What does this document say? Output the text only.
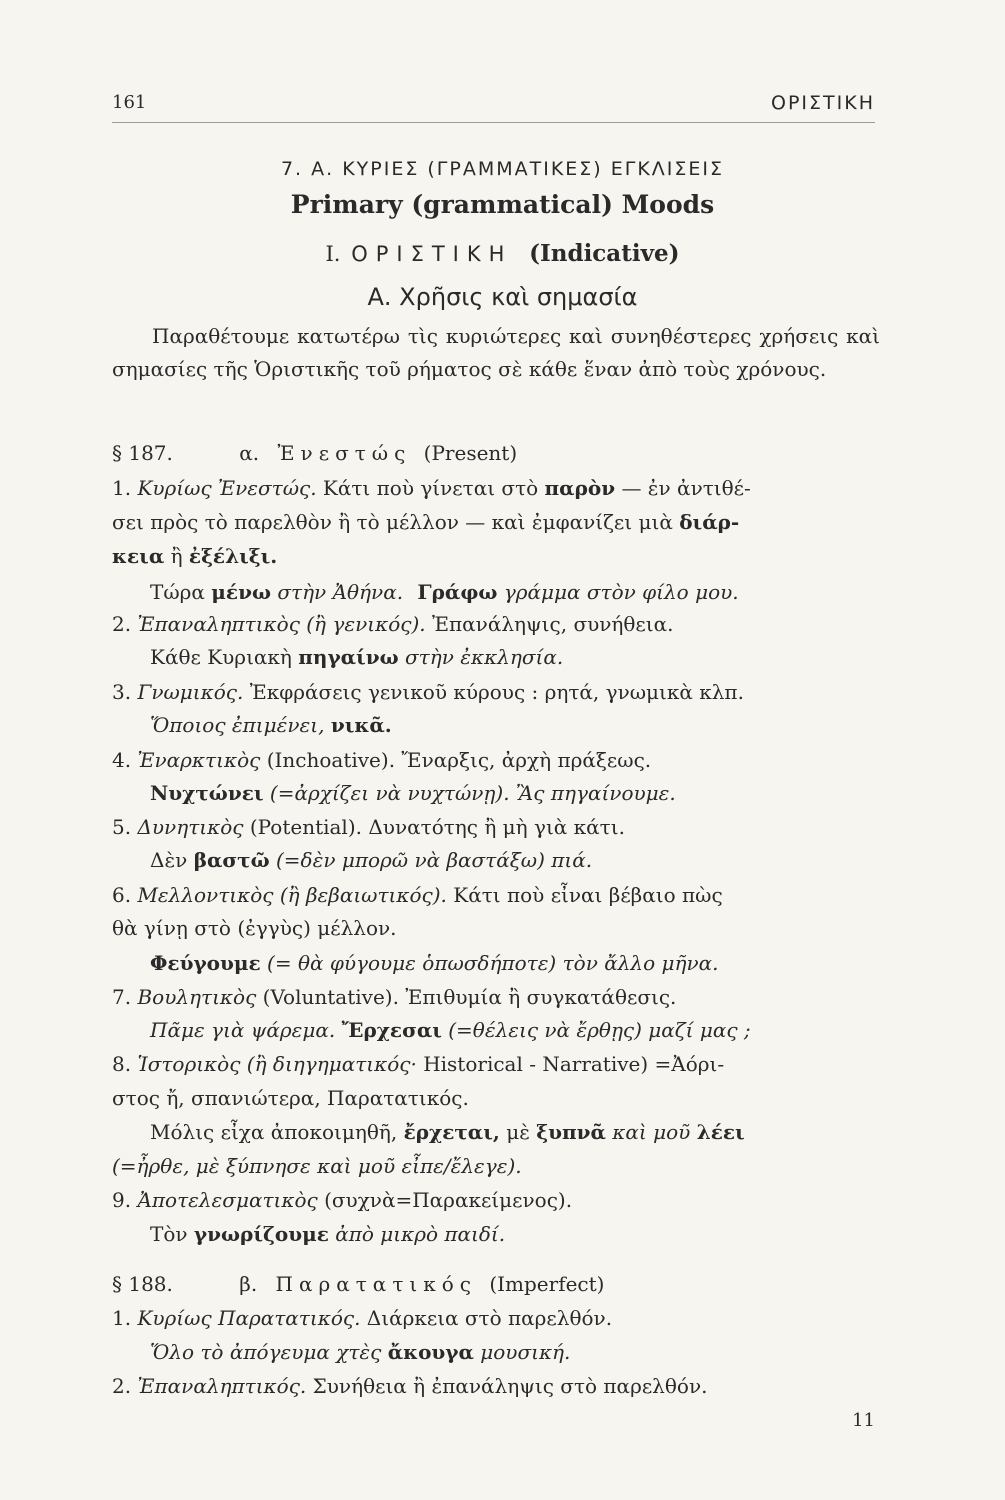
161	ΟΡΙΣΤΙΚΗ
7. Α. ΚΥΡΙΕΣ (ΓΡΑΜΜΑΤΙΚΕΣ) ΕΓΚΛΙΣΕΙΣ
Primary (grammatical) Moods
I. ΟΡΙΣΤΙΚΗ (Indicative)
Α. Χρῆσις καὶ σημασία
Παραθέτουμε κατωτέρω τὶς κυριώτερες καὶ συνηθέστερες χρήσεις καὶ σημασίες τῆς Ὁριστικῆς τοῦ ρήματος σὲ κάθε ἕναν ἀπὸ τοὺς χρόνους.
§ 187.	α. Ἐνεστώς (Present)
1. Κυρίως Ἐνεστώς. Κάτι ποὺ γίνεται στὸ παρὸν — ἐν ἀντιθέ-
σει πρὸς τὸ παρελθὸν ἢ τὸ μέλλον — καὶ ἐμφανίζει μιὰ διάρ-
κεια ἢ ἐξέλιξι.
Τώρα μένω στὴν Ἀθήνα. Γράφω γράμμα στὸν φίλο μου.
2. Ἐπαναληπτικὸς (ἢ γενικός). Ἐπανάληψις, συνήθεια.
Κάθε Κυριακὴ πηγαίνω στὴν ἐκκλησία.
3. Γνωμικός. Ἐκφράσεις γενικοῦ κύρους : ρητά, γνωμικὰ κλπ.
Ὅποιος ἐπιμένει, νικᾶ.
4. Ἐναρκτικὸς (Inchoative). Ἔναρξις, ἀρχὴ πράξεως.
Νυχτώνει (=ἀρχίζει νὰ νυχτώνῃ). Ἂς πηγαίνουμε.
5. Δυνητικὸς (Potential). Δυνατότης ἢ μὴ γιὰ κάτι.
Δὲν βαστῶ (=δὲν μπορῶ νὰ βαστάξω) πιά.
6. Μελλοντικὸς (ἢ βεβαιωτικός). Κάτι ποὺ εἶναι βέβαιο πὼς
θὰ γίνῃ στὸ (ἐγγὺς) μέλλον.
Φεύγουμε (= θὰ φύγουμε ὁπωσδήποτε) τὸν ἄλλο μῆνα.
7. Βουλητικὸς (Voluntative). Ἐπιθυμία ἢ συγκατάθεσις.
Πᾶμε γιὰ ψάρεμα. Ἔρχεσαι (=θέλεις νὰ ἔρθῃς) μαζί μας ;
8. Ἱστορικὸς (ἢ διηγηματικός· Historical - Narrative) =Ἀόρι-
στος ἤ, σπανιώτερα, Παρατατικός.
Μόλις εἶχα ἀποκοιμηθῆ, ἔρχεται, μὲ ξυπνᾶ καὶ μοῦ λέει
(=ἦρθε, μὲ ξύπνησε καὶ μοῦ εἶπε/ἔλεγε).
9. Ἀποτελεσματικὸς (συχνὰ=Παρακείμενος).
Τὸν γνωρίζουμε ἀπὸ μικρὸ παιδί.
§ 188.	β. Παρατατικός (Imperfect)
1. Κυρίως Παρατατικός. Διάρκεια στὸ παρελθόν.
Ὅλο τὸ ἀπόγευμα χτὲς ἄκουγα μουσική.
2. Ἐπαναληπτικός. Συνήθεια ἢ ἐπανάληψις στὸ παρελθόν.
11
